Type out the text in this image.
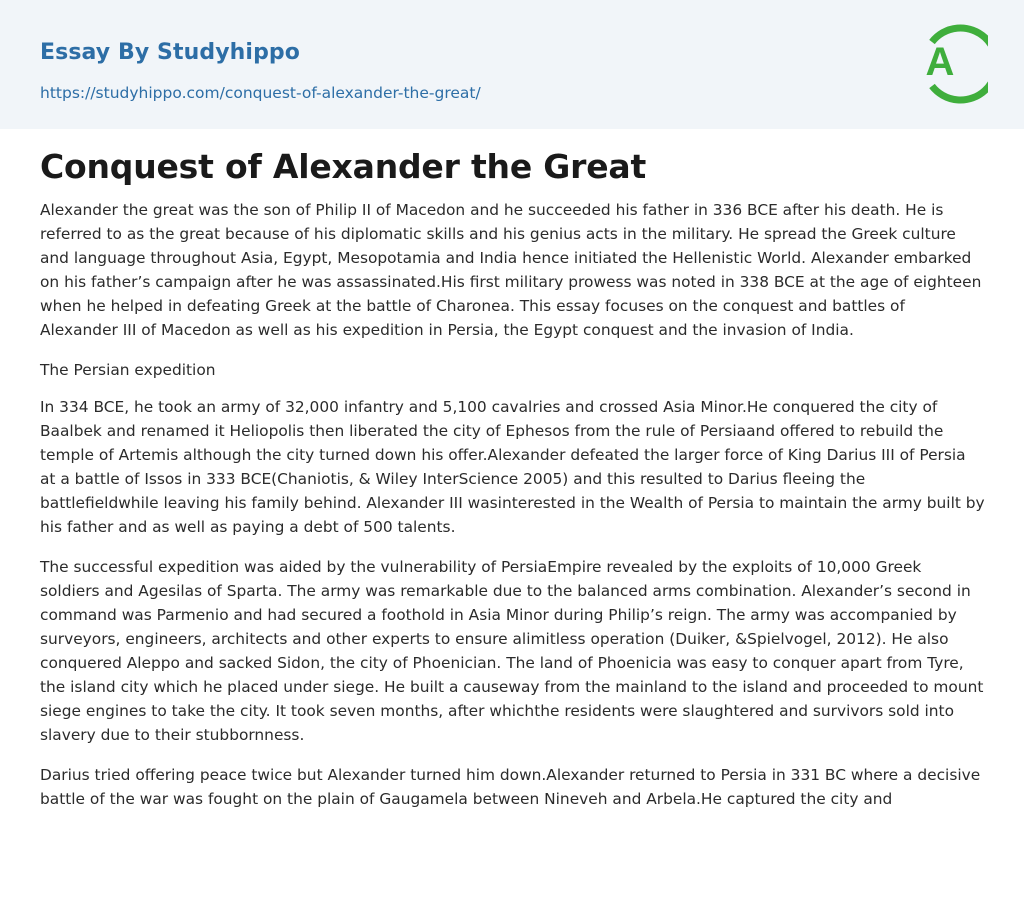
Essay By Studyhippo
https://studyhippo.com/conquest-of-alexander-the-great/
A
Conquest of Alexander the Great

Alexander the great was the son of Philip II of Macedon and he succeeded his father in 336 BCE after his death. He is referred to as the great because of his diplomatic skills and his genius acts in the military. He spread the Greek culture and language throughout Asia, Egypt, Mesopotamia and India hence initiated the Hellenistic World. Alexander embarked on his father’s campaign after he was assassinated.His first military prowess was noted in 338 BCE at the age of eighteen when he helped in defeating Greek at the battle of Charonea. This essay focuses on the conquest and battles of Alexander III of Macedon as well as his expedition in Persia, the Egypt conquest and the invasion of India.

The Persian expedition

In 334 BCE, he took an army of 32,000 infantry and 5,100 cavalries and crossed Asia Minor.He conquered the city of Baalbek and renamed it Heliopolis then liberated the city of Ephesos from the rule of Persiaand offered to rebuild the temple of Artemis although the city turned down his offer.Alexander defeated the larger force of King Darius III of Persia at a battle of Issos in 333 BCE(Chaniotis, & Wiley InterScience 2005) and this resulted to Darius fleeing the battlefieldwhile leaving his family behind. Alexander III wasinterested in the Wealth of Persia to maintain the army built by his father and as well as paying a debt of 500 talents.

The successful expedition was aided by the vulnerability of PersiaEmpire revealed by the exploits of 10,000 Greek soldiers and Agesilas of Sparta. The army was remarkable due to the balanced arms combination. Alexander’s second in command was Parmenio and had secured a foothold in Asia Minor during Philip’s reign. The army was accompanied by surveyors, engineers, architects and other experts to ensure alimitless operation (Duiker, &Spielvogel, 2012). He also conquered Aleppo and sacked Sidon, the city of Phoenician. The land of Phoenicia was easy to conquer apart from Tyre, the island city which he placed under siege. He built a causeway from the mainland to the island and proceeded to mount siege engines to take the city. It took seven months, after whichthe residents were slaughtered and survivors sold into slavery due to their stubbornness.

Darius tried offering peace twice but Alexander turned him down.Alexander returned to Persia in 331 BC where a decisive battle of the war was fought on the plain of Gaugamela between Nineveh and Arbela.He captured the city and
